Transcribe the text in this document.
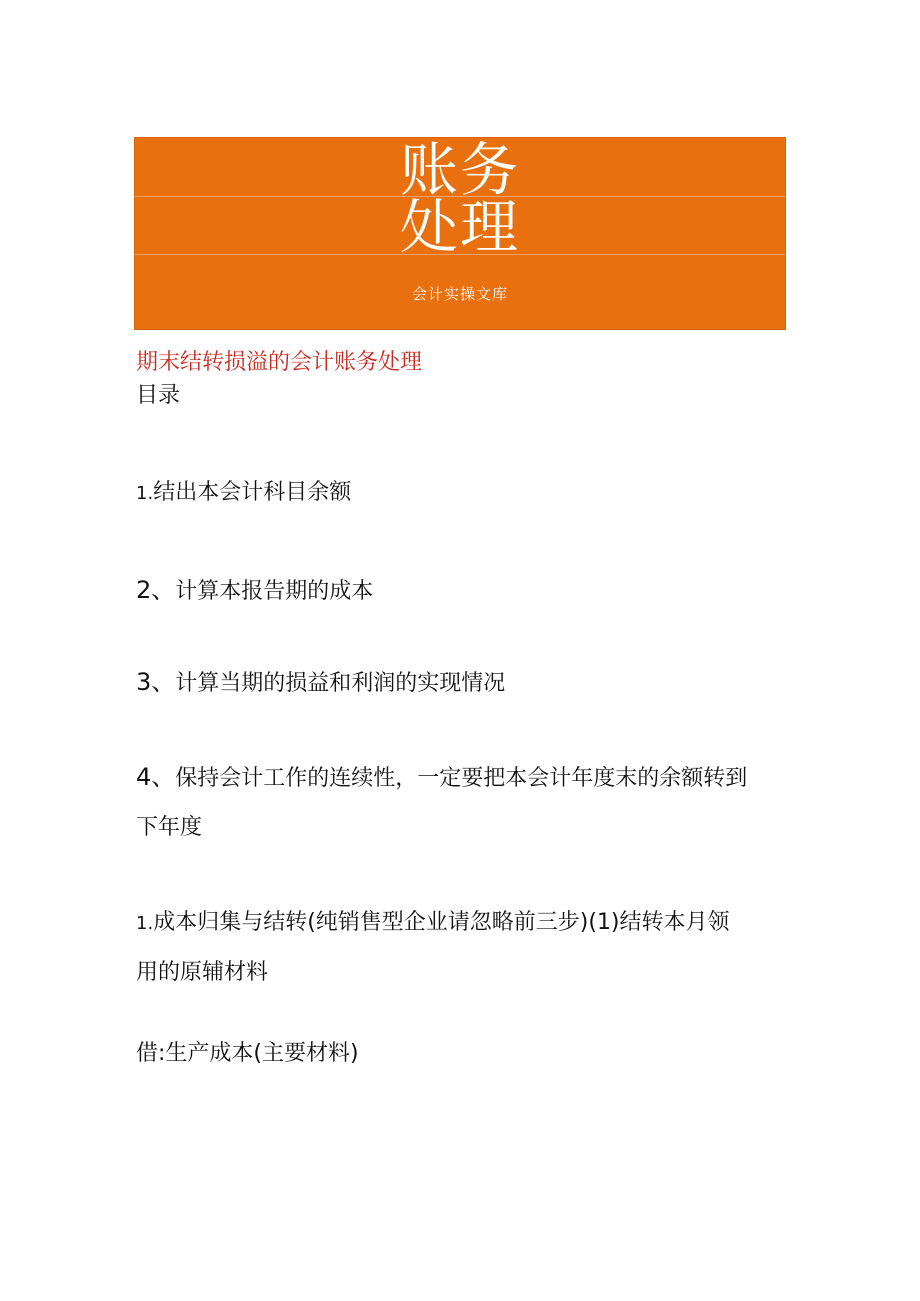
账务
处理
会计实操文库
期末结转损溢的会计账务处理
目录
1.结出本会计科目余额
2、计算本报告期的成本
3、计算当期的损益和利润的实现情况
4、保持会计工作的连续性，一定要把本会计年度末的余额转到
下年度
1.成本归集与结转(纯销售型企业请忽略前三步)(1)结转本月领
用的原辅材料
借:生产成本(主要材料)
